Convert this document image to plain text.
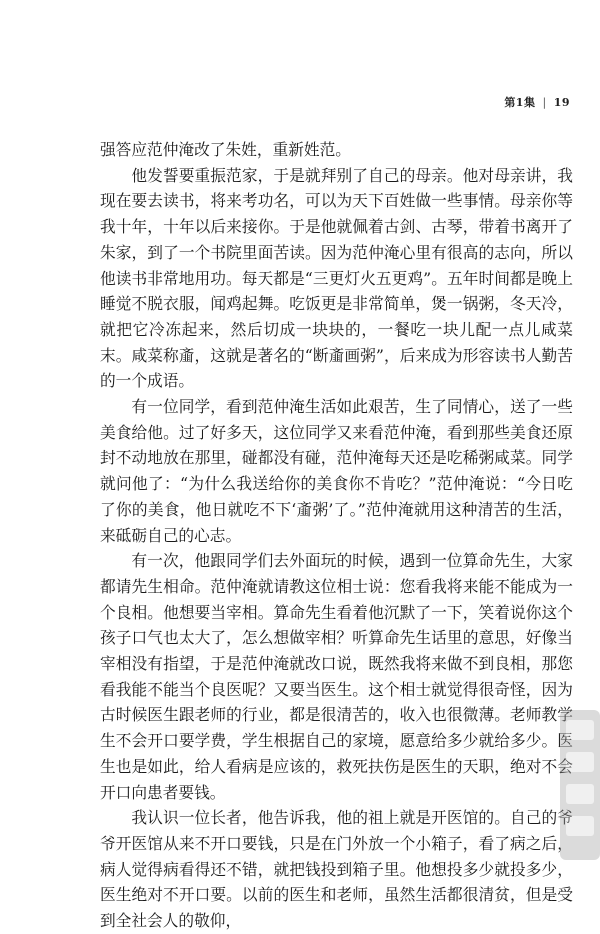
第1集 | 19

强答应范仲淹改了朱姓，重新姓范。

他发誓要重振范家，于是就拜别了自己的母亲。他对母亲讲，我现在要去读书，将来考功名，可以为天下百姓做一些事情。母亲你等我十年，十年以后来接你。于是他就佩着古剑、古琴，带着书离开了朱家，到了一个书院里面苦读。因为范仲淹心里有很高的志向，所以他读书非常地用功。每天都是“三更灯火五更鸡”。五年时间都是晚上睡觉不脱衣服，闻鸡起舞。吃饭更是非常简单，煲一锅粥，冬天冷，就把它冷冻起来，然后切成一块块的，一餐吃一块儿配一点儿咸菜末。咸菜称齑，这就是著名的“断齑画粥”，后来成为形容读书人勤苦的一个成语。

有一位同学，看到范仲淹生活如此艰苦，生了同情心，送了一些美食给他。过了好多天，这位同学又来看范仲淹，看到那些美食还原封不动地放在那里，碰都没有碰，范仲淹每天还是吃稀粥咸菜。同学就问他了：“为什么我送给你的美食你不肯吃？”范仲淹说：“今日吃了你的美食，他日就吃不下‘齑粥’了。”范仲淹就用这种清苦的生活，来砥砺自己的心志。

有一次，他跟同学们去外面玩的时候，遇到一位算命先生，大家都请先生相命。范仲淹就请教这位相士说：您看我将来能不能成为一个良相。他想要当宰相。算命先生看着他沉默了一下，笑着说你这个孩子口气也太大了，怎么想做宰相？听算命先生话里的意思，好像当宰相没有指望，于是范仲淹就改口说，既然我将来做不到良相，那您看我能不能当个良医呢？又要当医生。这个相士就觉得很奇怪，因为古时候医生跟老师的行业，都是很清苦的，收入也很微薄。老师教学生不会开口要学费，学生根据自己的家境，愿意给多少就给多少。医生也是如此，给人看病是应该的，救死扶伤是医生的天职，绝对不会开口向患者要钱。

我认识一位长者，他告诉我，他的祖上就是开医馆的。自己的爷爷开医馆从来不开口要钱，只是在门外放一个小箱子，看了病之后，病人觉得病看得还不错，就把钱投到箱子里。他想投多少就投多少，医生绝对不开口要。以前的医生和老师，虽然生活都很清贫，但是受到全社会人的敬仰，
